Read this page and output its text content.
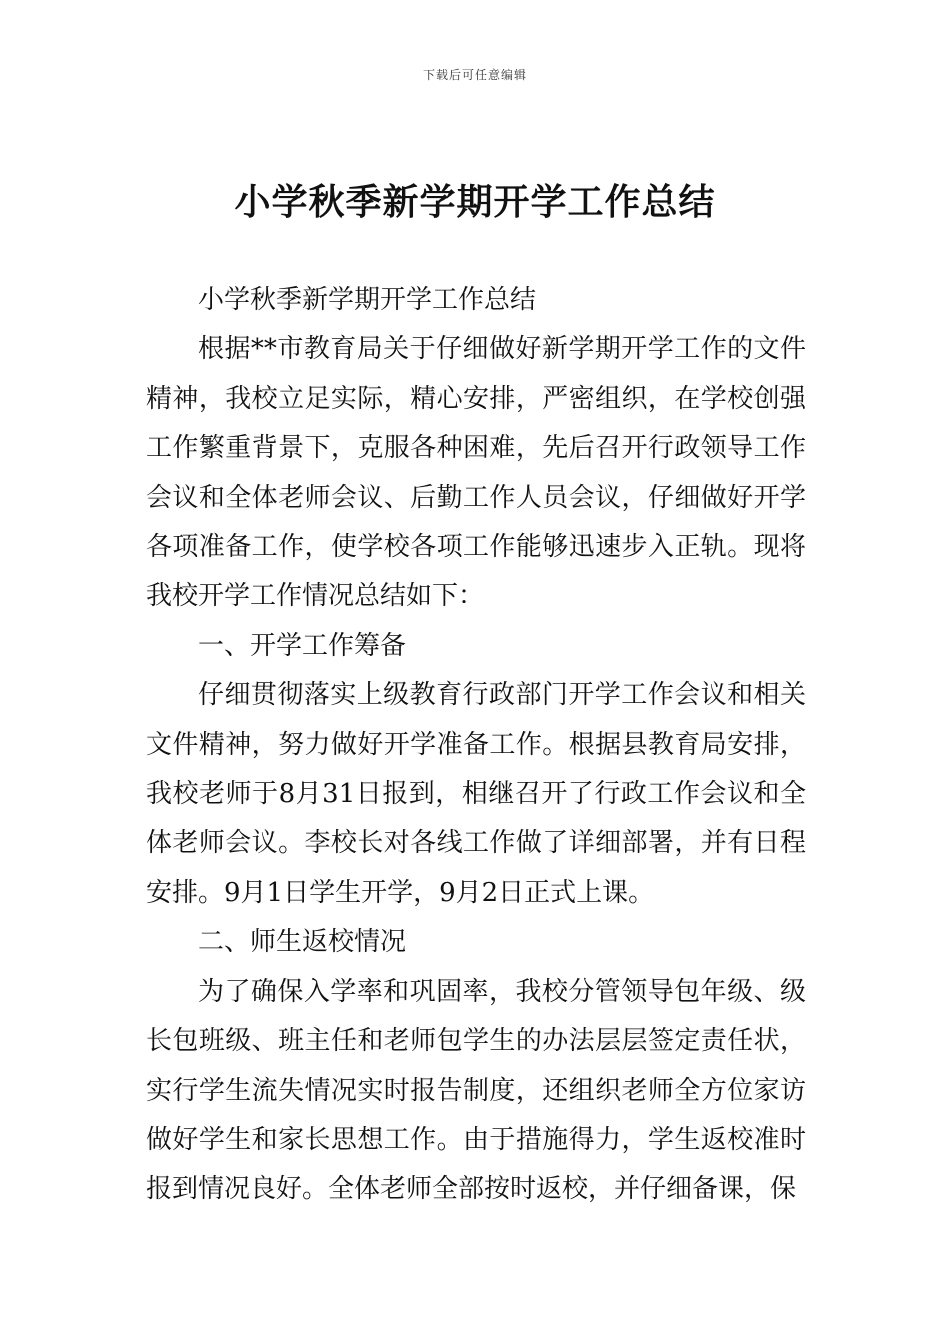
下载后可任意编辑
小学秋季新学期开学工作总结

小学秋季新学期开学工作总结

根据**市教育局关于仔细做好新学期开学工作的文件精神，我校立足实际，精心安排，严密组织，在学校创强工作繁重背景下，克服各种困难，先后召开行政领导工作会议和全体老师会议、后勤工作人员会议，仔细做好开学各项准备工作，使学校各项工作能够迅速步入正轨。现将我校开学工作情况总结如下：

一、开学工作筹备

仔细贯彻落实上级教育行政部门开学工作会议和相关文件精神，努力做好开学准备工作。根据县教育局安排，我校老师于8月31日报到，相继召开了行政工作会议和全体老师会议。李校长对各线工作做了详细部署，并有日程安排。9月1日学生开学，9月2日正式上课。

二、师生返校情况

为了确保入学率和巩固率，我校分管领导包年级、级长包班级、班主任和老师包学生的办法层层签定责任状，实行学生流失情况实时报告制度，还组织老师全方位家访做好学生和家长思想工作。由于措施得力，学生返校准时报到情况良好。全体老师全部按时返校，并仔细备课，保
